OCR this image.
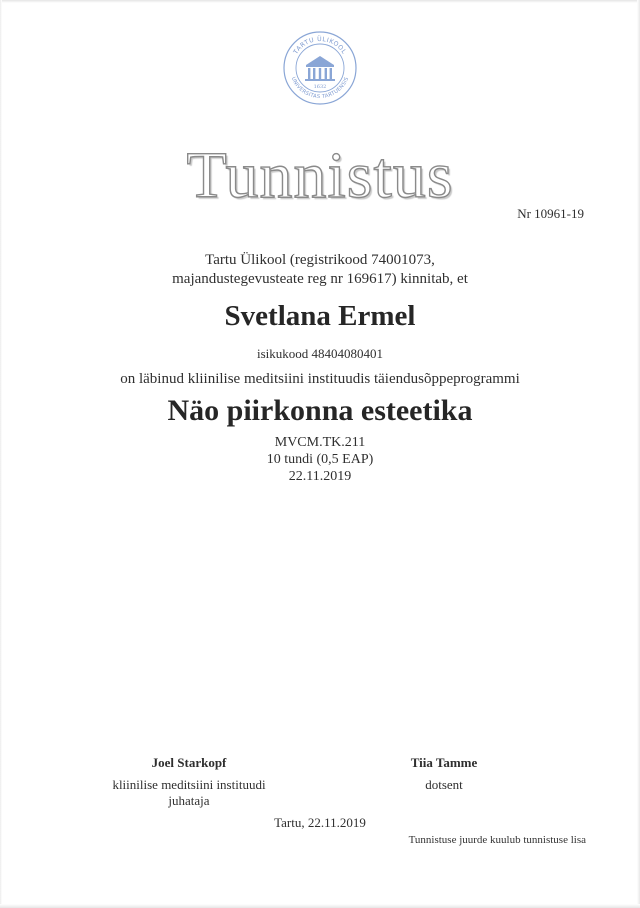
TARTU ÜLIKOOL
UNIVERSITAS TARTUENSIS
1632
Tunnistus
Nr 10961-19
Tartu Ülikool (registrikood 74001073,
majandustegevusteate reg nr 169617) kinnitab, et
Svetlana Ermel
isikukood 48404080401
on läbinud kliinilise meditsiini instituudis täiendusõppeprogrammi
Näo piirkonna esteetika
MVCM.TK.211
10 tundi (0,5 EAP)
22.11.2019
Joel Starkopf
kliinilise meditsiini instituudi
juhataja
Tiia Tamme
dotsent
Tartu, 22.11.2019
Tunnistuse juurde kuulub tunnistuse lisa
